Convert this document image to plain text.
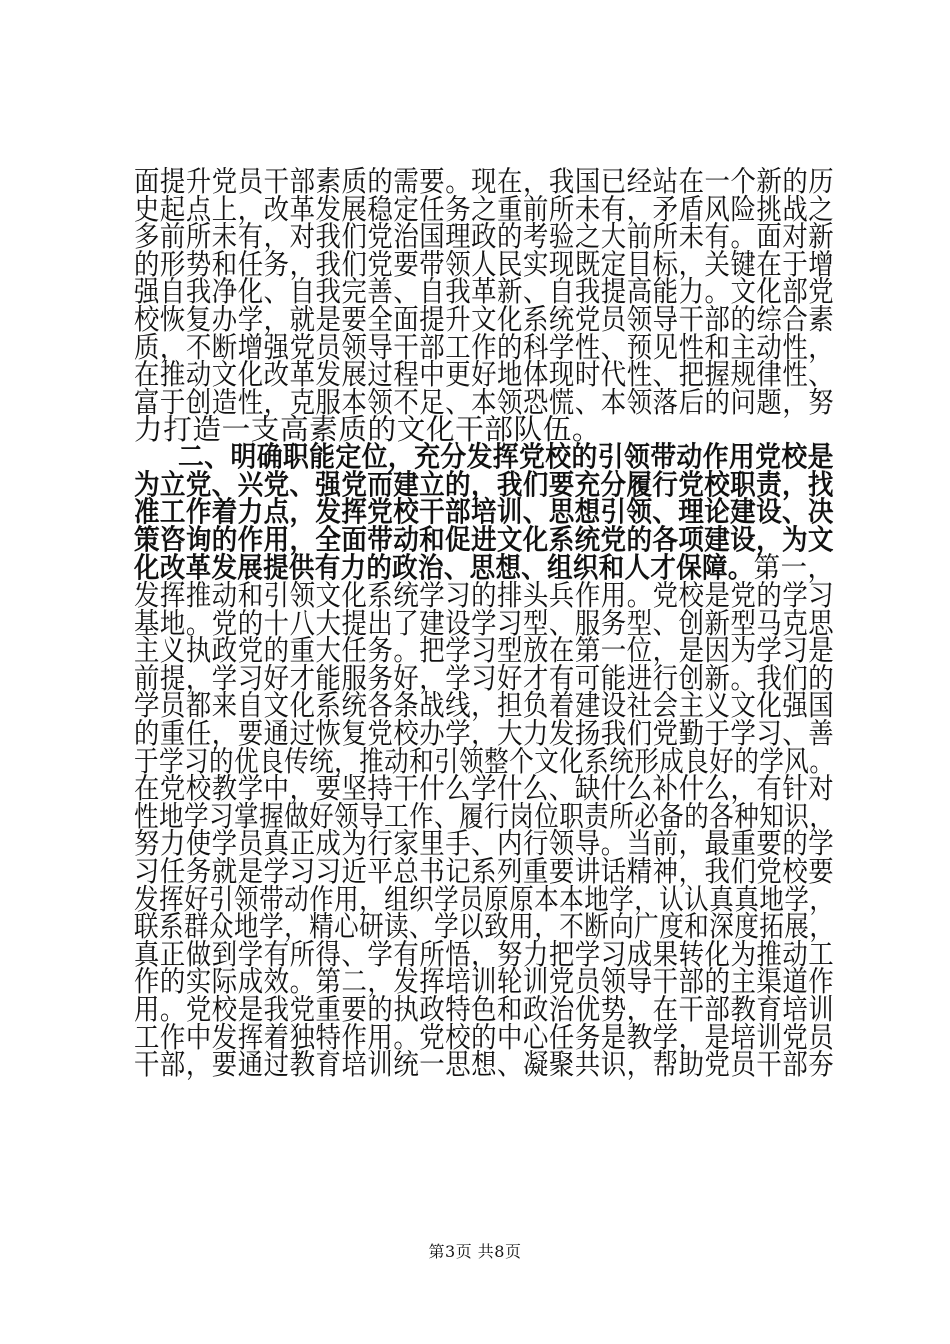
面提升党员干部素质的需要。现在，我国已经站在一个新的历
史起点上，改革发展稳定任务之重前所未有，矛盾风险挑战之
多前所未有，对我们党治国理政的考验之大前所未有。面对新
的形势和任务，我们党要带领人民实现既定目标，关键在于增
强自我净化、自我完善、自我革新、自我提高能力。文化部党
校恢复办学，就是要全面提升文化系统党员领导干部的综合素
质，不断增强党员领导干部工作的科学性、预见性和主动性，
在推动文化改革发展过程中更好地体现时代性、把握规律性、
富于创造性，克服本领不足、本领恐慌、本领落后的问题，努
力打造一支高素质的文化干部队伍。
二、明确职能定位，充分发挥党校的引领带动作用党校是
为立党、兴党、强党而建立的，我们要充分履行党校职责，找
准工作着力点，发挥党校干部培训、思想引领、理论建设、决
策咨询的作用，全面带动和促进文化系统党的各项建设，为文
化改革发展提供有力的政治、思想、组织和人才保障。第一，
发挥推动和引领文化系统学习的排头兵作用。党校是党的学习
基地。党的十八大提出了建设学习型、服务型、创新型马克思
主义执政党的重大任务。把学习型放在第一位，是因为学习是
前提，学习好才能服务好，学习好才有可能进行创新。我们的
学员都来自文化系统各条战线，担负着建设社会主义文化强国
的重任，要通过恢复党校办学，大力发扬我们党勤于学习、善
于学习的优良传统，推动和引领整个文化系统形成良好的学风。
在党校教学中，要坚持干什么学什么、缺什么补什么，有针对
性地学习掌握做好领导工作、履行岗位职责所必备的各种知识，
努力使学员真正成为行家里手、内行领导。当前，最重要的学
习任务就是学习习近平总书记系列重要讲话精神，我们党校要
发挥好引领带动作用，组织学员原原本本地学，认认真真地学，
联系群众地学，精心研读、学以致用，不断向广度和深度拓展，
真正做到学有所得、学有所悟，努力把学习成果转化为推动工
作的实际成效。第二，发挥培训轮训党员领导干部的主渠道作
用。党校是我党重要的执政特色和政治优势，在干部教育培训
工作中发挥着独特作用。党校的中心任务是教学，是培训党员
干部，要通过教育培训统一思想、凝聚共识，帮助党员干部夯
第3页 共8页
